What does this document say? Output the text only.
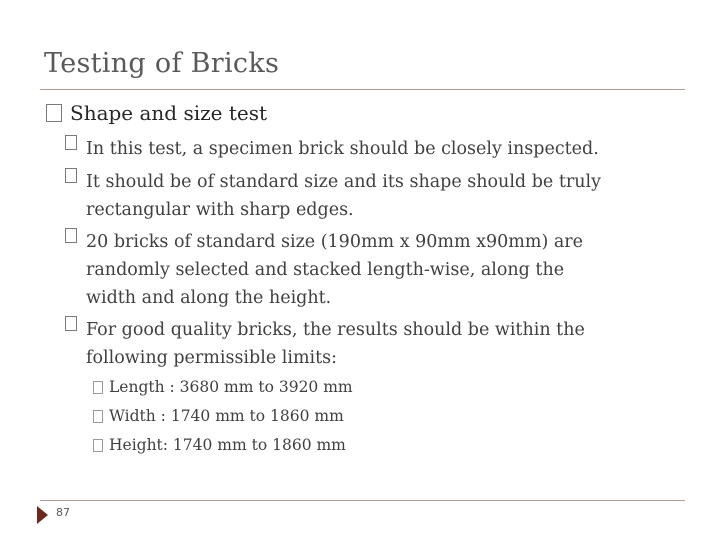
Testing of Bricks
Shape and size test
In this test, a specimen brick should be closely inspected.
It should be of standard size and its shape should be truly
rectangular with sharp edges.
20 bricks of standard size (190mm x 90mm x90mm) are
randomly selected and stacked length-wise, along the
width and along the height.
For good quality bricks, the results should be within the
following permissible limits:
Length : 3680 mm to 3920 mm
Width : 1740 mm to 1860 mm
Height: 1740 mm to 1860 mm
87
